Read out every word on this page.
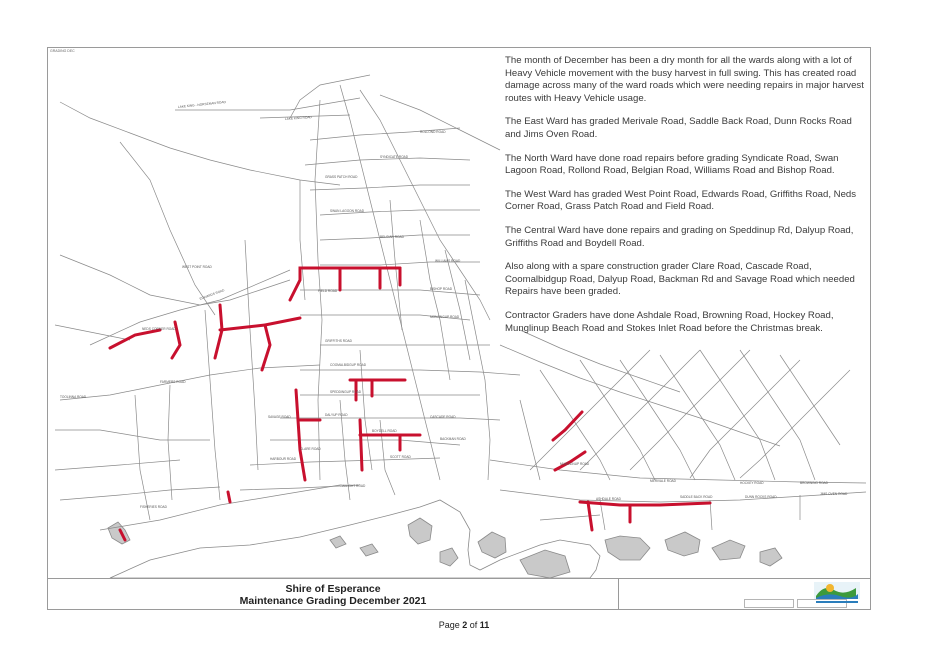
GRADING DEC
LAKE KING - NORSEMAN ROAD
LAKE KING ROAD
GRASS PATCH ROAD
MERIVALE ROAD
ROLLOND ROAD
SYNDICATE ROAD
SWAN LAGOON ROAD
BELGIAN ROAD
WILLIAMS ROAD
BISHOP ROAD
FIELD ROAD
GRIFFITHS ROAD
EDWARDS ROAD
NEDS CORNER ROAD
WEST POINT ROAD
SPEDDINGUP ROAD
DALYUP ROAD
BOYDELL ROAD
CASCADE ROAD
COOMALBIDGUP ROAD
BACKMAN ROAD
SAVAGE ROAD
CLARE ROAD
MUNGLINUP ROAD
HOCKEY ROAD	BROWNING ROAD
ASHDALE ROAD	SADDLE BACK ROAD	DUNN ROCKS ROAD
JIMS OVEN ROAD
FARMERS ROAD
HARBOUR ROAD
TWILIGHT ROAD
FISHERIES ROAD
TOOLINNA ROAD
MONJINGUP ROAD
SCOTT ROAD

The month of December has been a dry month for all the wards along with a lot of Heavy Vehicle movement with the busy harvest in full swing. This has created road damage across many of the ward roads which were needing repairs in major harvest routes with Heavy Vehicle usage.

The East Ward has graded Merivale Road, Saddle Back Road, Dunn Rocks Road and Jims Oven Road.

The North Ward have done road repairs before grading Syndicate Road, Swan Lagoon Road, Rollond Road, Belgian Road, Williams Road and Bishop Road.

The West Ward has graded West Point Road, Edwards Road, Griffiths Road, Neds Corner Road, Grass Patch Road and Field Road.

The Central Ward have done repairs and grading on Speddinup Rd, Dalyup Road, Griffiths Road and Boydell Road.

Also along with a spare construction grader Clare Road, Cascade Road, Coomalbidgup Road, Dalyup Road, Backman Rd and Savage Road which needed Repairs have been graded.

Contractor Graders have done Ashdale Road, Browning Road, Hockey Road, Munglinup Beach Road and Stokes Inlet Road before the Christmas break.

Shire of Esperance
Maintenance Grading December 2021
Page 2 of 11
